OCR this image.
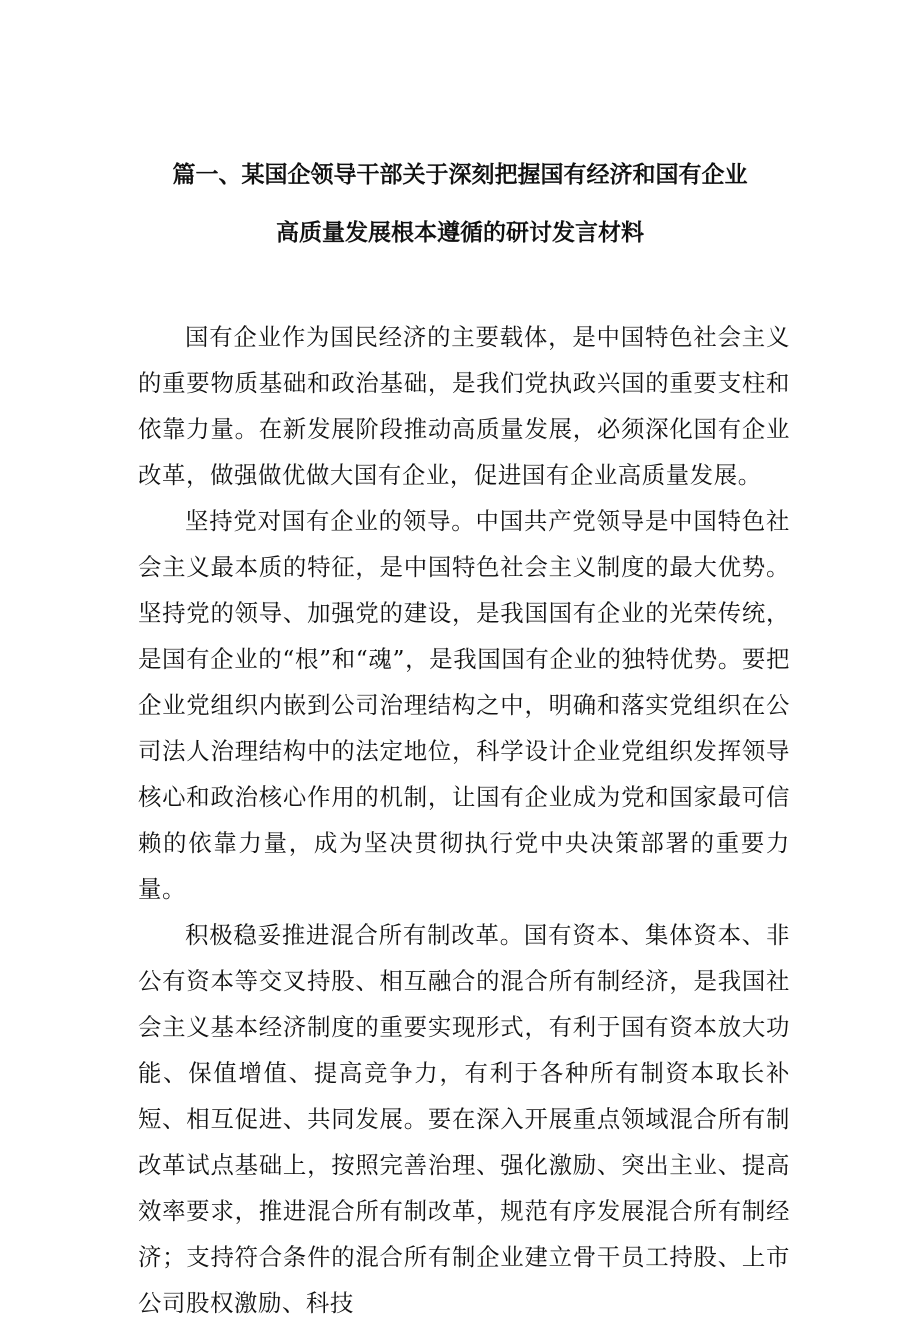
篇一、某国企领导干部关于深刻把握国有经济和国有企业
高质量发展根本遵循的研讨发言材料

国有企业作为国民经济的主要载体，是中国特色社会主义的重要物质基础和政治基础，是我们党执政兴国的重要支柱和依靠力量。在新发展阶段推动高质量发展，必须深化国有企业改革，做强做优做大国有企业，促进国有企业高质量发展。

坚持党对国有企业的领导。中国共产党领导是中国特色社会主义最本质的特征，是中国特色社会主义制度的最大优势。坚持党的领导、加强党的建设，是我国国有企业的光荣传统，是国有企业的“根”和“魂”，是我国国有企业的独特优势。要把企业党组织内嵌到公司治理结构之中，明确和落实党组织在公司法人治理结构中的法定地位，科学设计企业党组织发挥领导核心和政治核心作用的机制，让国有企业成为党和国家最可信赖的依靠力量，成为坚决贯彻执行党中央决策部署的重要力量。

积极稳妥推进混合所有制改革。国有资本、集体资本、非公有资本等交叉持股、相互融合的混合所有制经济，是我国社会主义基本经济制度的重要实现形式，有利于国有资本放大功能、保值增值、提高竞争力，有利于各种所有制资本取长补短、相互促进、共同发展。要在深入开展重点领域混合所有制改革试点基础上，按照完善治理、强化激励、突出主业、提高效率要求，推进混合所有制改革，规范有序发展混合所有制经济；支持符合条件的混合所有制企业建立骨干员工持股、上市公司股权激励、科技
